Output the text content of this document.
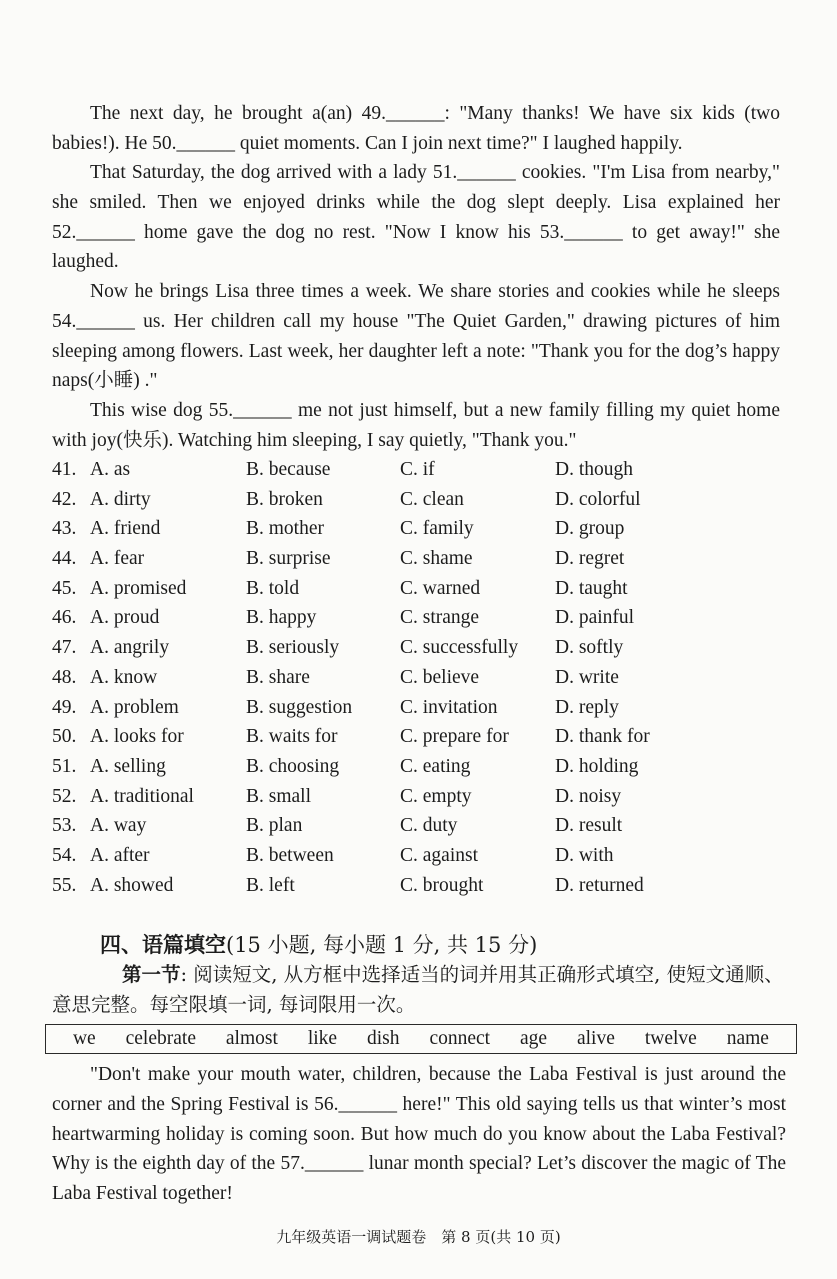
The next day, he brought a(an) 49.______: "Many thanks! We have six kids (two babies!). He 50.______ quiet moments. Can I join next time?" I laughed happily.
That Saturday, the dog arrived with a lady 51.______ cookies. "I'm Lisa from nearby," she smiled. Then we enjoyed drinks while the dog slept deeply. Lisa explained her 52.______ home gave the dog no rest. "Now I know his 53.______ to get away!" she laughed.
Now he brings Lisa three times a week. We share stories and cookies while he sleeps 54.______ us. Her children call my house "The Quiet Garden," drawing pictures of him sleeping among flowers. Last week, her daughter left a note: "Thank you for the dog’s happy naps(小睡) ."
This wise dog 55.______ me not just himself, but a new family filling my quiet home with joy(快乐). Watching him sleeping, I say quietly, "Thank you."
41. A. as	B. because	C. if	D. though
42. A. dirty	B. broken	C. clean	D. colorful
43. A. friend	B. mother	C. family	D. group
44. A. fear	B. surprise	C. shame	D. regret
45. A. promised	B. told	C. warned	D. taught
46. A. proud	B. happy	C. strange	D. painful
47. A. angrily	B. seriously	C. successfully D. softly
48. A. know	B. share	C. believe	D. write
49. A. problem	B. suggestion C. invitation	D. reply
50. A. looks for	B. waits for	C. prepare for D. thank for
51. A. selling	B. choosing	C. eating	D. holding
52. A. traditional	B. small	C. empty	D. noisy
53. A. way	B. plan	C. duty	D. result
54. A. after	B. between	C. against	D. with
55. A. showed	B. left	C. brought	D. returned
四、语篇填空(15 小题, 每小题 1 分, 共 15 分)
第一节: 阅读短文, 从方框中选择适当的词并用其正确形式填空, 使短文通顺、意思完整。每空限填一词, 每词限用一次。
we celebrate almost like dish connect age alive twelve name
"Don't make your mouth water, children, because the Laba Festival is just around the corner and the Spring Festival is 56.______ here!" This old saying tells us that winter’s most heartwarming holiday is coming soon. But how much do you know about the Laba Festival? Why is the eighth day of the 57.______ lunar month special? Let’s discover the magic of The Laba Festival together!
九年级英语一调试题卷　第 8 页(共 10 页)
